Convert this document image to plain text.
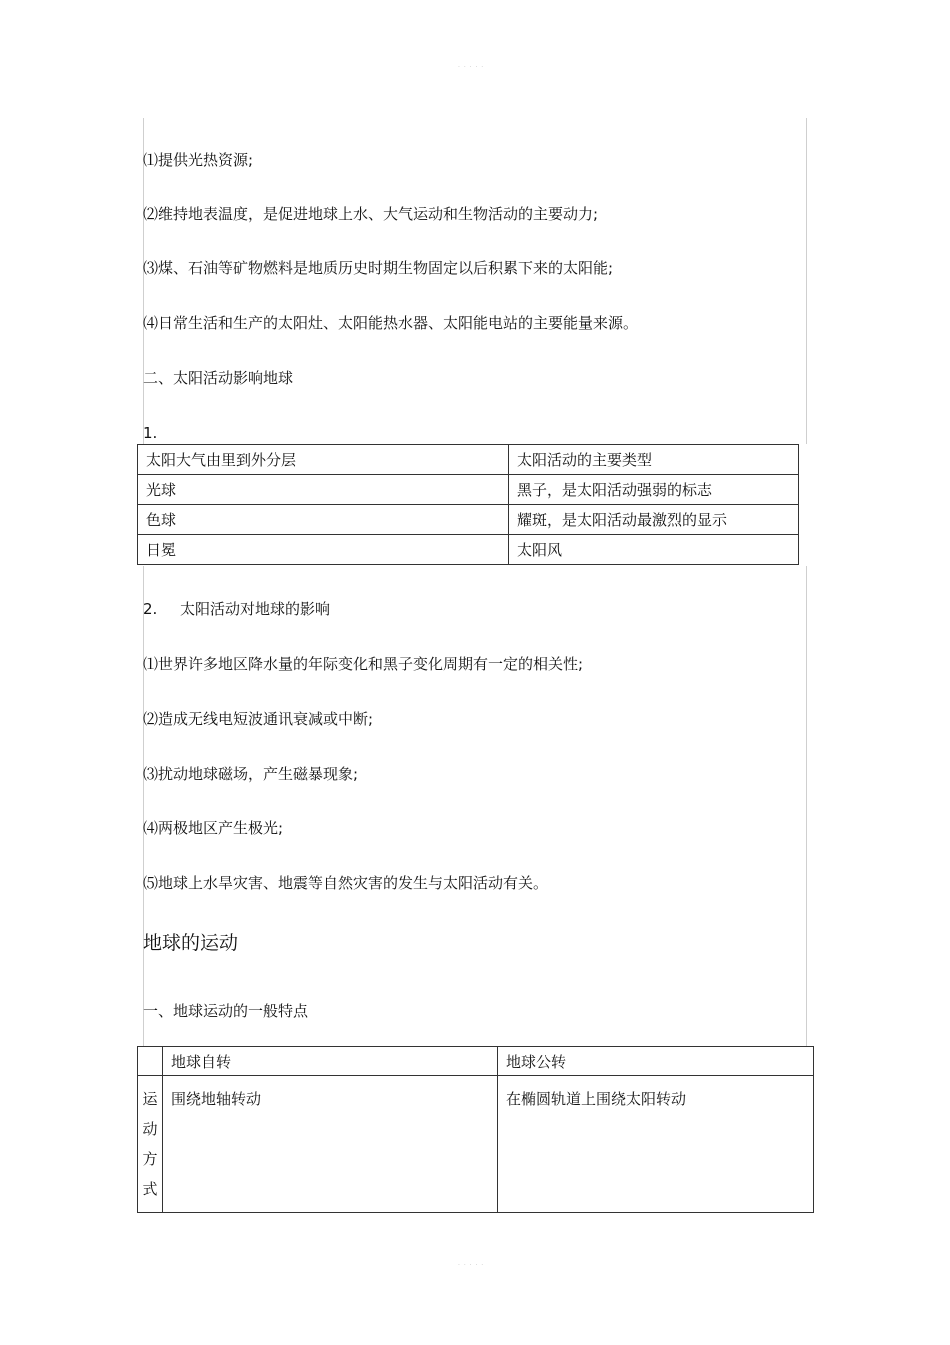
· · · · ·
· · · · ·
⑴提供光热资源;
⑵维持地表温度，是促进地球上水、大气运动和生物活动的主要动力;
⑶煤、石油等矿物燃料是地质历史时期生物固定以后积累下来的太阳能;
⑷日常生活和生产的太阳灶、太阳能热水器、太阳能电站的主要能量来源。
二、太阳活动影响地球
1.
太阳大气由里到外分层	太阳活动的主要类型
光球	黑子，是太阳活动强弱的标志
色球	耀斑，是太阳活动最激烈的显示
日冕	太阳风
2. 太阳活动对地球的影响
⑴世界许多地区降水量的年际变化和黑子变化周期有一定的相关性;
⑵造成无线电短波通讯衰减或中断;
⑶扰动地球磁场，产生磁暴现象;
⑷两极地区产生极光;
⑸地球上水旱灾害、地震等自然灾害的发生与太阳活动有关。
地球的运动
一、地球运动的一般特点
	地球自转	地球公转

运
动
方
式	围绕地轴转动	在椭圆轨道上围绕太阳转动
